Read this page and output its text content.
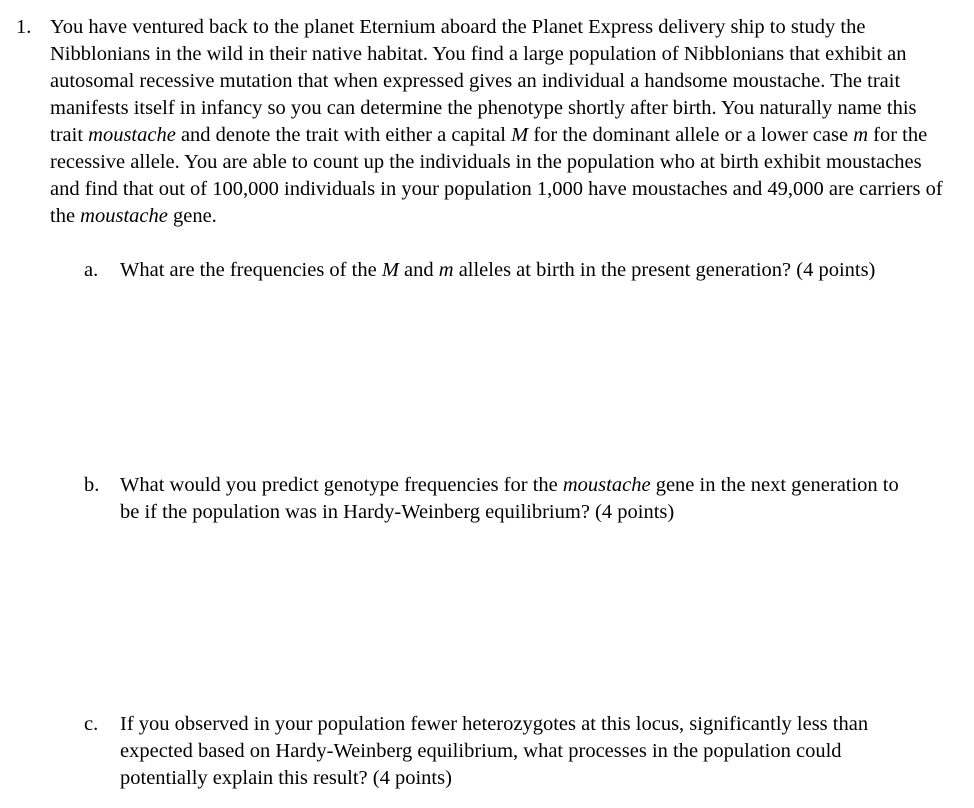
1. You have ventured back to the planet Eternium aboard the Planet Express delivery ship to study the Nibblonians in the wild in their native habitat. You find a large population of Nibblonians that exhibit an autosomal recessive mutation that when expressed gives an individual a handsome moustache. The trait manifests itself in infancy so you can determine the phenotype shortly after birth. You naturally name this trait moustache and denote the trait with either a capital M for the dominant allele or a lower case m for the recessive allele. You are able to count up the individuals in the population who at birth exhibit moustaches and find that out of 100,000 individuals in your population 1,000 have moustaches and 49,000 are carriers of the moustache gene.

a. What are the frequencies of the M and m alleles at birth in the present generation? (4 points)

b. What would you predict genotype frequencies for the moustache gene in the next generation to be if the population was in Hardy-Weinberg equilibrium? (4 points)

c. If you observed in your population fewer heterozygotes at this locus, significantly less than expected based on Hardy-Weinberg equilibrium, what processes in the population could potentially explain this result? (4 points)
